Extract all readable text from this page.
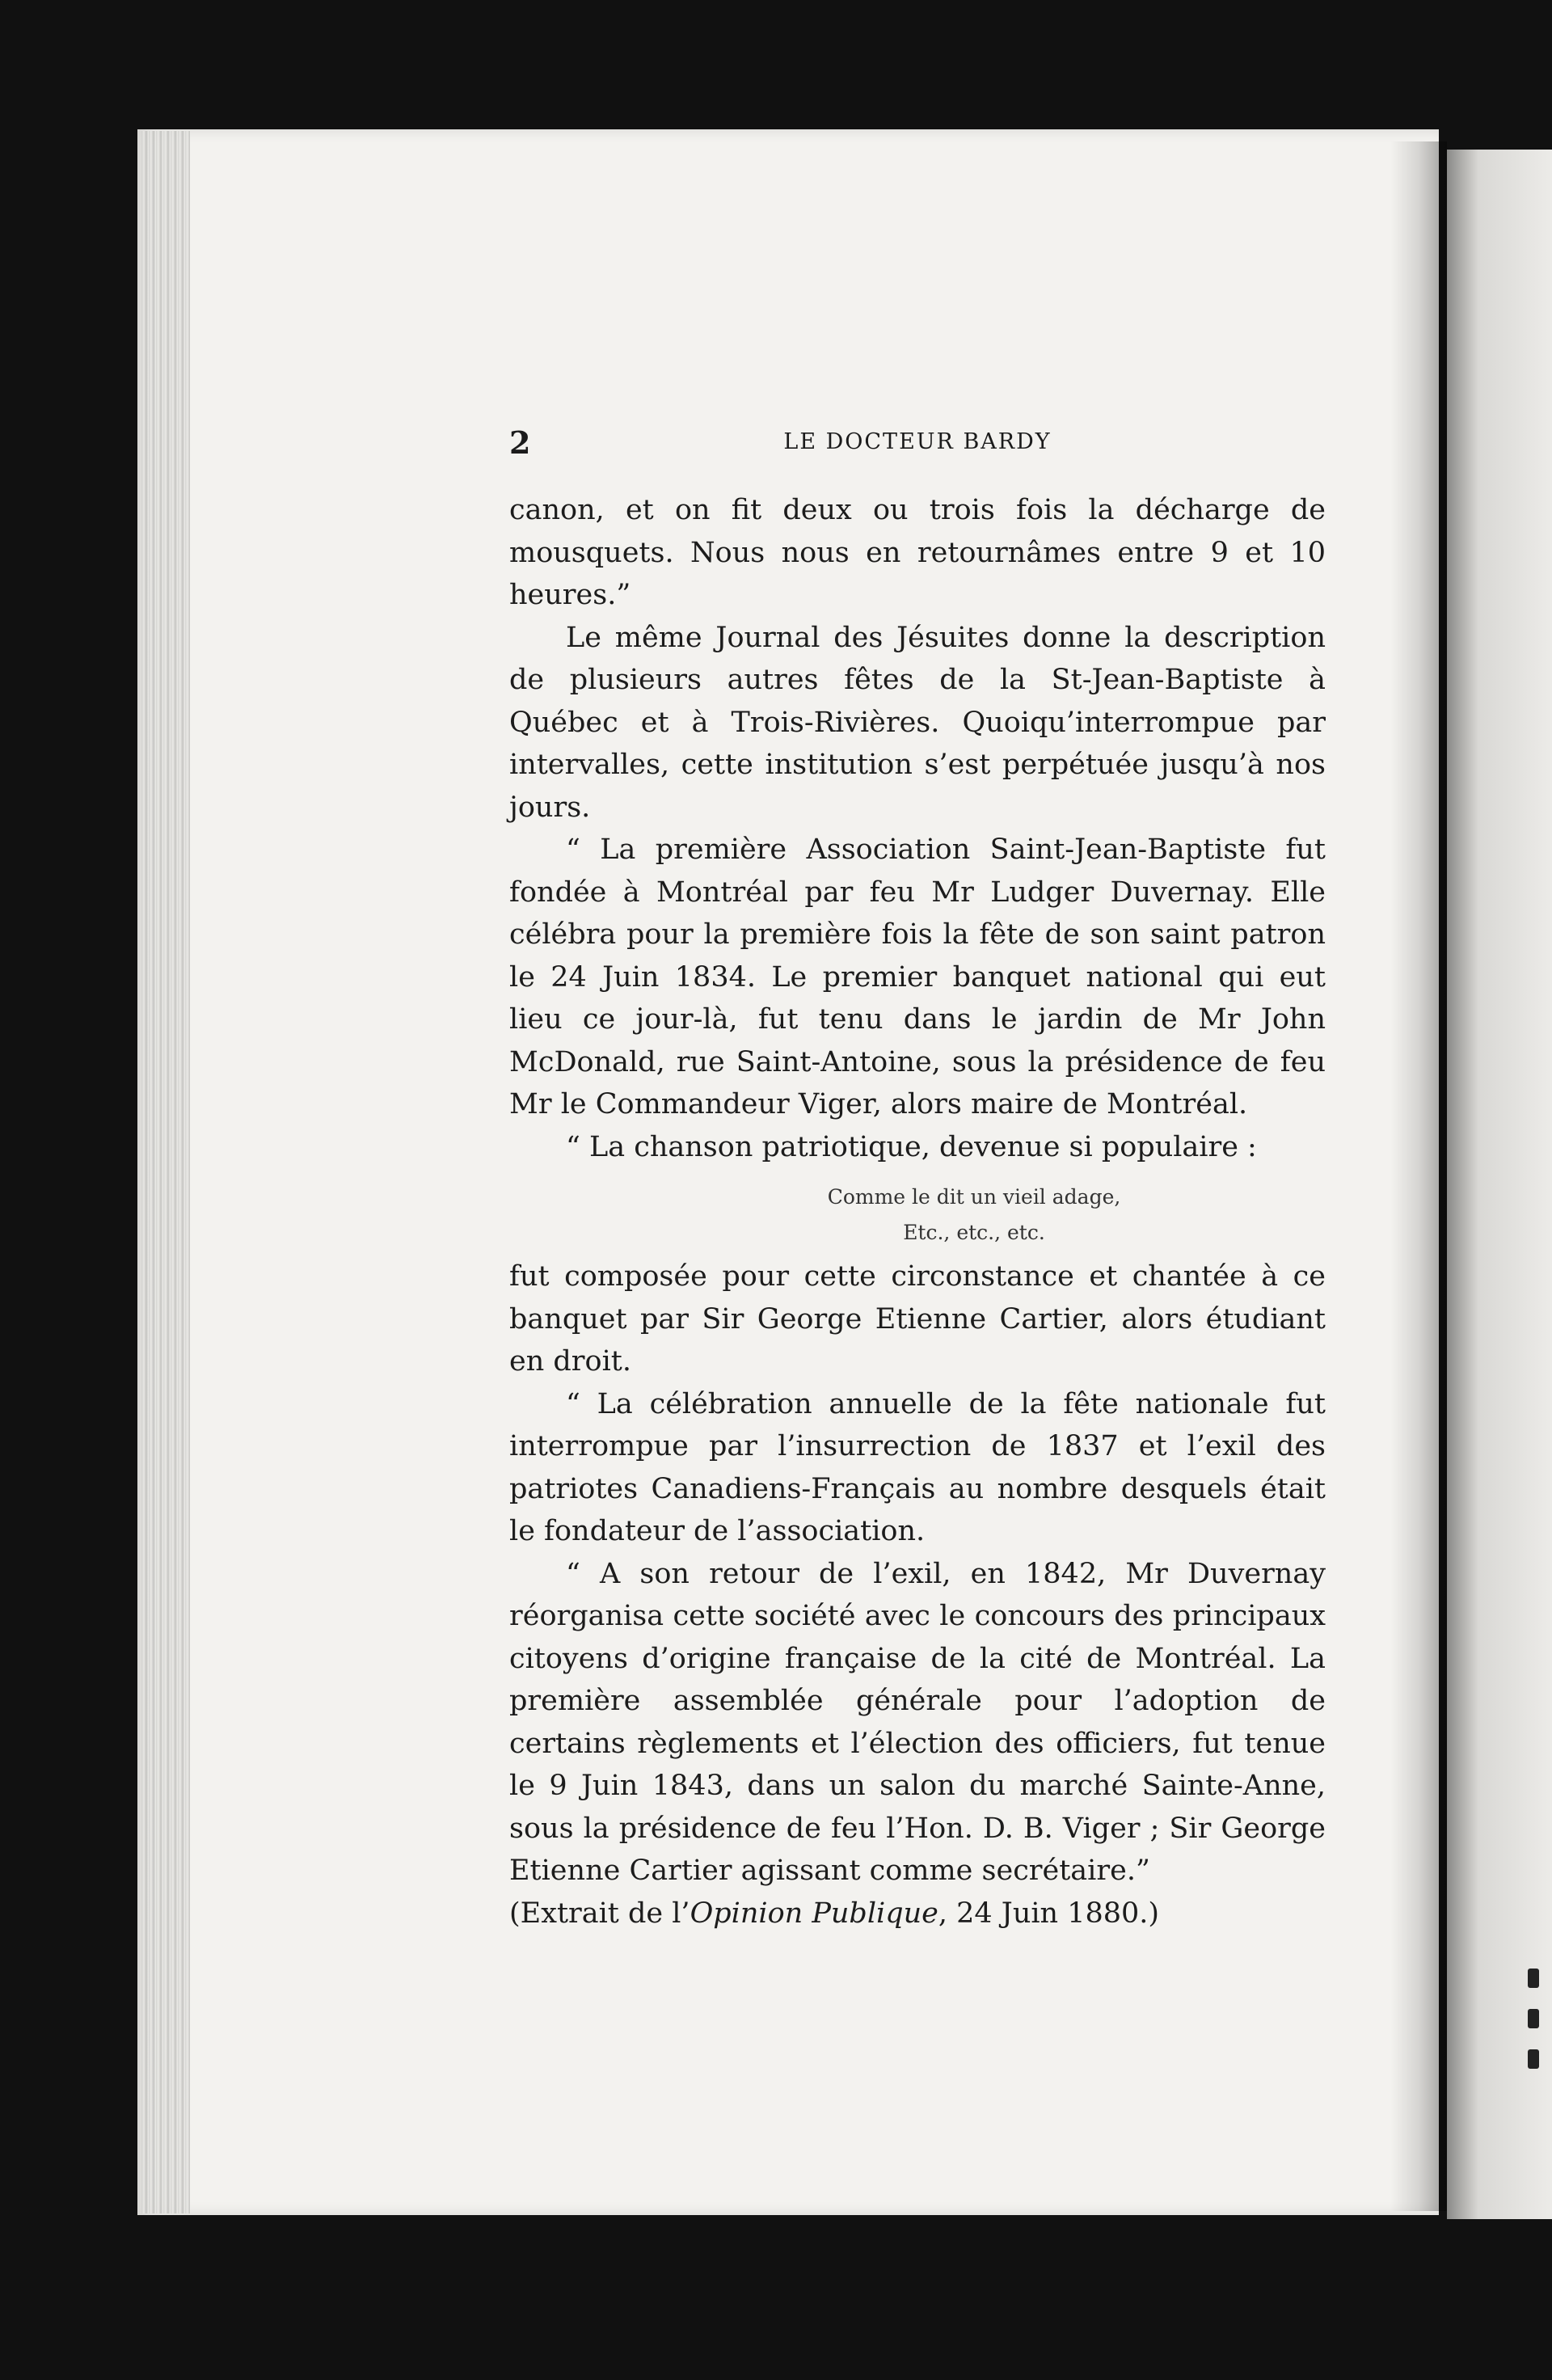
2	LE DOCTEUR BARDY

canon, et on fit deux ou trois fois la décharge de mousquets. Nous nous en retournâmes entre 9 et 10 heures.”

Le même Journal des Jésuites donne la description de plusieurs autres fêtes de la St-Jean-Baptiste à Québec et à Trois-Rivières. Quoiqu’interrompue par intervalles, cette institution s’est perpétuée jusqu’à nos jours.

“ La première Association Saint-Jean-Baptiste fut fondée à Montréal par feu Mr Ludger Duvernay. Elle célébra pour la première fois la fête de son saint patron le 24 Juin 1834. Le premier banquet national qui eut lieu ce jour-là, fut tenu dans le jardin de Mr John McDonald, rue Saint-Antoine, sous la présidence de feu Mr le Commandeur Viger, alors maire de Montréal.

“ La chanson patriotique, devenue si populaire :

Comme le dit un vieil adage,
Etc., etc., etc.

fut composée pour cette circonstance et chantée à ce banquet par Sir George Etienne Cartier, alors étudiant en droit.

“ La célébration annuelle de la fête nationale fut interrompue par l’insurrection de 1837 et l’exil des patriotes Canadiens-Français au nombre desquels était le fondateur de l’association.

“ A son retour de l’exil, en 1842, Mr Duvernay réorganisa cette société avec le concours des principaux citoyens d’origine française de la cité de Montréal. La première assemblée générale pour l’adoption de certains règlements et l’élection des officiers, fut tenue le 9 Juin 1843, dans un salon du marché Sainte-Anne, sous la présidence de feu l’Hon. D. B. Viger ; Sir George Etienne Cartier agissant comme secrétaire.”

(Extrait de l’Opinion Publique, 24 Juin 1880.)
